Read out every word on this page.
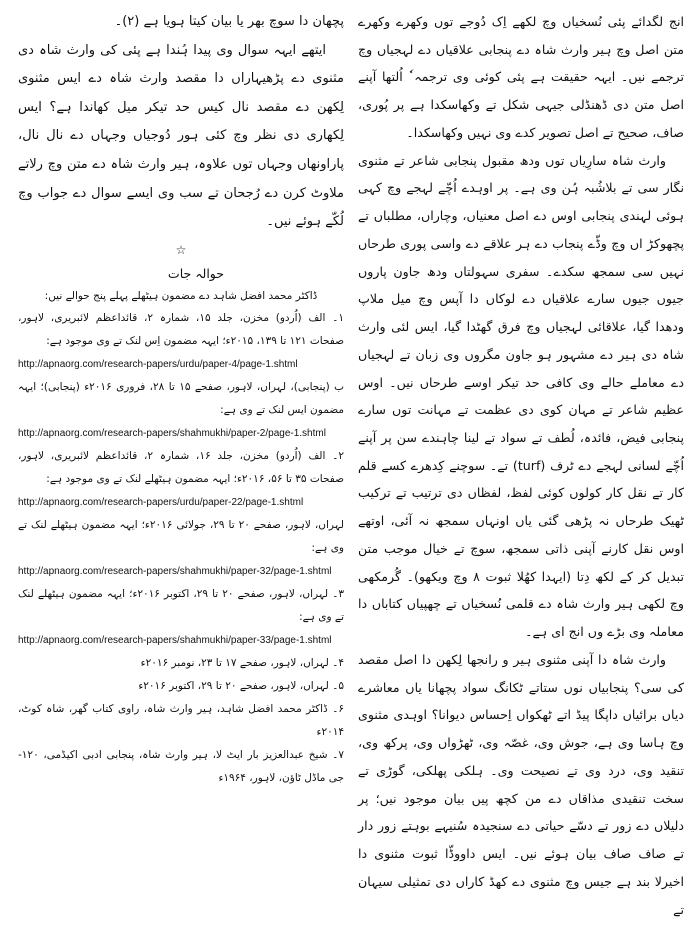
انج لگدائے پئی نُسخیاں وچ لکھے اِک دُوجے توں وکھرے وکھرے متن اصل وچ ہیر وارث شاہ دے پنجابی علاقیاں دے لہجیاں وچ ترجمے نیں۔ ایہہ حقیقت ہے پئی کوئی وی ترجمہ ٗ اُلتھا آپنے اصل متن دی ڈھنڈلی جیہی شکل تے وکھاسکدا ہے پر پُوری، صاف، صحیح تے اصل تصویر کدے وی نہیں وکھاسکدا۔

وارث شاہ سارِیاں توں ودھ مقبول پنجابی شاعر تے مثنوی نگار سی تے بلاشُبہ ہُن وی ہے۔ پر اوہدے اُچّے لہجے وچ کہی ہوئی لہندی پنجابی اوس دے اصل معنیاں، وچاراں، مطلباں تے پچھوکڑ اں وچ وڈّے پنجاب دے ہر علاقے دے واسی پوری طرحاں نہیں سی سمجھ سکدے۔ سفری سہولتاں ودھ جاون پاروں جیوں جیوں سارے علاقیاں دے لوکاں دا آپس وچ میل ملاپ ودھدا گیا، علاقائی لہجیاں وچ فرق گھٹدا گیا، ایس لئی وارث شاہ دی ہیر دے مشہور ہو جاون مگروں وی زبان تے لہجیاں دے معاملے حالے وی کافی حد تیکر اوسے طرحاں نیں۔ اوس عظیم شاعر تے مہان کوی دی عظمت تے مہانت توں سارے پنجابی فیض، فائدہ، لُطف تے سواد تے لینا چاہندے سن پر آپنے اُچّے لسانی لہجے دے ٹرف (turf) تے۔ سوچنے کِدھرے کسے قلم کار تے نقل کار کولوں کوئی لفظ، لفظاں دی ترتیب تے ترکیب ٹھیک طرحاں نہ پڑھی گئی یاں اونہاں سمجھ نہ آئی، اوتھے اوس نقل کارنے آپنی ذاتی سمجھ، سوچ تے خیال موجب متن تبدیل کر کے لکھ دِتا (ایہدا کھُلا ثبوت ۸ وچ ویکھو)۔ گُرمکھی وچ لکھی ہیر وارث شاہ دے قلمی نُسخیاں تے چھپیاں کتاباں دا معاملہ وی بڑے وں انج ای ہے۔

وارث شاہ دا آپنی مثنوی ہیر و رانجھا لِکھن دا اصل مقصد کی سی؟ پنجابیاں نوں ستاتے ٹکانگ سواد پچھانا یاں معاشرے دیاں برائیاں داپگا پیڈ اتے ٹھکواں اِحساس دیوانا؟ اوہدی مثنوی وچ ہاسا وی ہے، جوش وی، غصّہ وی، ٹھڑواں وی، پرکھ وی، تنقید وی، درد وی تے نصیحت وی۔ ہلکی پھلکی، گوڑی تے سخت تنقیدی مذاقاں دے من کچھ پیں بیان موجود نیں؛ پر دلیلاں دے زور تے دسّے حیاتی دے سنجیدہ سُنیہے بوہتے زور دار تے صاف صاف بیان ہوئے نیں۔ ایس داووڈّا ثبوت مثنوی دا اخیرلا بند ہے جیس وچ مثنوی دے کھڈ کاراں دی تمثیلی سیہان تے

پچھان دا سوچ بھر یا بیان کیتا ہویا ہے (۲)۔

ایتھے ایہہ سوال وی پیدا ہُندا ہے پئی کی وارث شاہ دی مثنوی دے پڑھیہاراں دا مقصد وارث شاہ دے ایس مثنوی لِکھن دے مقصد نال کیس حد تیکر میل کھاندا ہے؟ ایس لِکھاری دی نظر وچ کئی ہور دُوجیاں وجہاں دے نال نال، پاراونھاں وجہاں توں علاوہ، ہیر وارث شاہ دے متن وچ رلاتے ملاوٹ کرن دے رُجحان تے سب وی ایسے سوال دے جواب وچ لُکّے ہوئے نیں۔

☆

حوالہ جات

ڈاکٹر محمد افضل شاہد دے مضمون ہیٹھلے پہلے پنج حوالے نیں:

۱۔ الف (اُردو) مخزن، جلد ۱۵، شمارہ ۲، قائداعظم لائبریری، لاہور، صفحات ۱۲۱ تا ۱۳۹، ۲۰۱۵ء؛ ایہہ مضمون اِس لنک تے وی موجود ہے:

http://apnaorg.com/research-papers/urdu/paper-4/page-1.shtml

ب (پنجابی)، لہراں، لاہور، صفحے ۱۵ تا ۲۸، فروری ۲۰۱۶ء (پنجابی)؛ ایہہ مضمون ایس لنک تے وی ہے:

http://apnaorg.com/research-papers/shahmukhi/paper-2/page-1.shtml

۲۔ الف (اُردو) مخزن، جلد ۱۶، شمارہ ۲، قائداعظم لائبریری، لاہور، صفحات ۳۵ تا ۵۶، ۲۰۱۶ء؛ ایہہ مضمون ہیٹھلے لنک تے وی موجود ہے:

http://apnaorg.com/research-papers/urdu/paper-22/page-1.shtml

لہراں، لاہور، صفحے ۲۰ تا ۲۹، جولائی ۲۰۱۶ء؛ ایہہ مضمون ہیٹھلے لنک تے وی ہے:

http://apnaorg.com/research-papers/shahmukhi/paper-32/page-1.shtml

۳۔ لہراں، لاہور، صفحے ۲۰ تا ۲۹، اکتوبر ۲۰۱۶ء؛ ایہہ مضمون ہیٹھلے لنک تے وی ہے:

http://apnaorg.com/research-papers/shahmukhi/paper-33/page-1.shtml

۴۔ لہراں، لاہور، صفحے ۱۷ تا ۲۳، نومبر ۲۰۱۶ء

۵۔ لہراں، لاہور، صفحے ۲۰ تا ۲۹، اکتوبر ۲۰۱۶ء

۶۔ ڈاکٹر محمد افضل شاہد، ہیر وارث شاہ، راوی کتاب گھر، شاہ کوٹ، ۲۰۱۴ء

۷۔ شیخ عبدالعزیز بار ایٹ لا، ہیر وارث شاہ، پنجابی ادبی اکیڈمی، ۱۲۰- جی ماڈل ٹاؤن، لاہور، ۱۹۶۴ء
